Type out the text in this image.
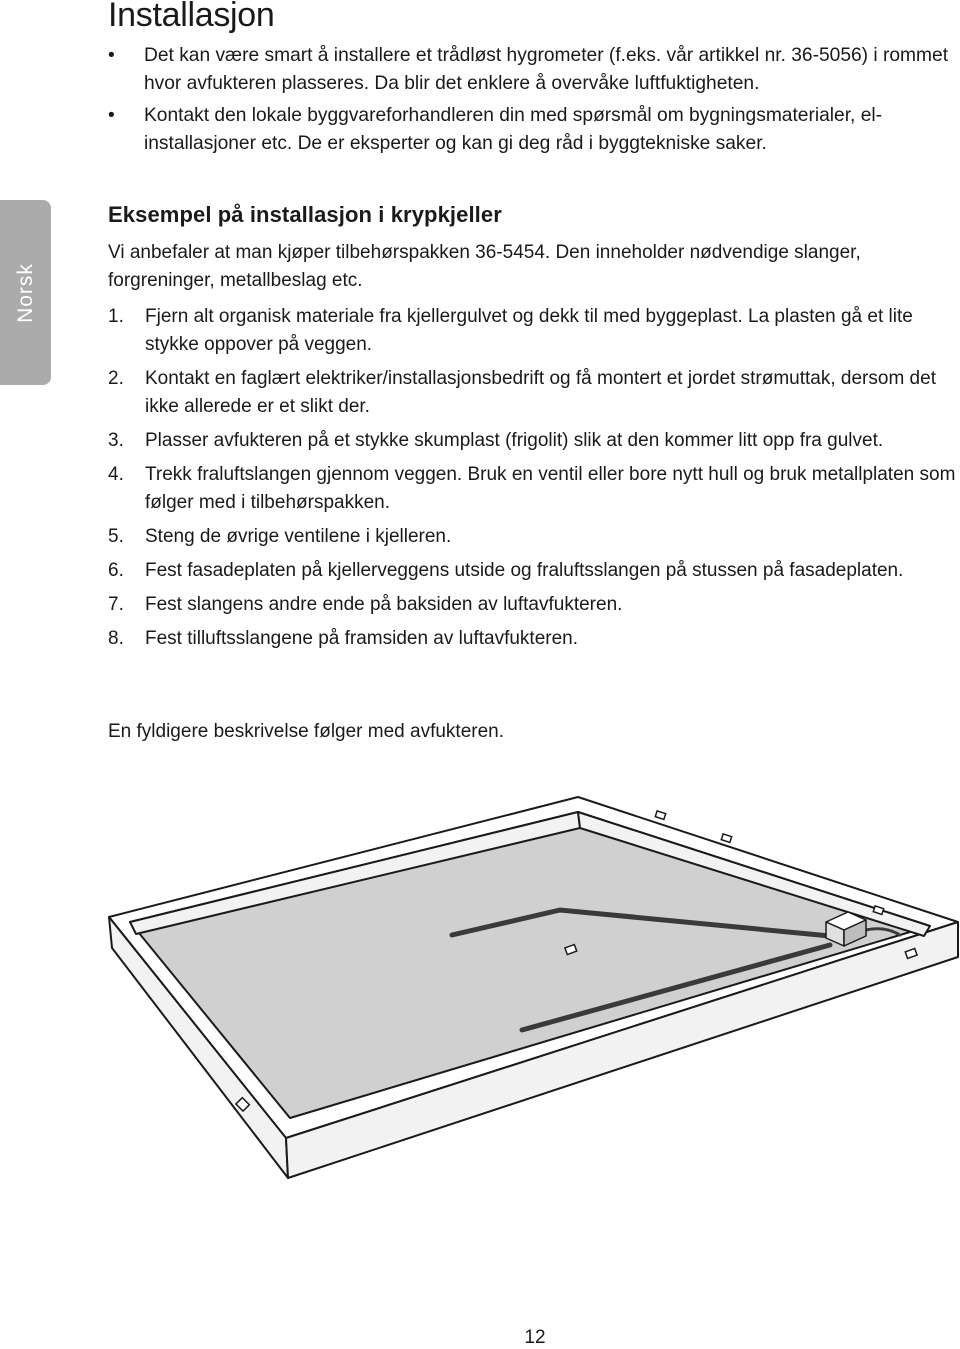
Installasjon
• Det kan være smart å installere et trådløst hygrometer (f.eks. vår artikkel nr. 36-5056) i rommet hvor avfukteren plasseres. Da blir det enklere å overvåke luftfuktigheten.
• Kontakt den lokale byggvareforhandleren din med spørsmål om bygningsmaterialer, el-installasjoner etc. De er eksperter og kan gi deg råd i byggtekniske saker.
Norsk
Eksempel på installasjon i krypkjeller

Vi anbefaler at man kjøper tilbehørspakken 36-5454. Den inneholder nødvendige slanger, forgreninger, metallbeslag etc.

1. Fjern alt organisk materiale fra kjellergulvet og dekk til med byggeplast. La plasten gå et lite stykke oppover på veggen.
2. Kontakt en faglært elektriker/installasjonsbedrift og få montert et jordet strømuttak, dersom det ikke allerede er et slikt der.
3. Plasser avfukteren på et stykke skumplast (frigolit) slik at den kommer litt opp fra gulvet.
4. Trekk fraluftslangen gjennom veggen. Bruk en ventil eller bore nytt hull og bruk metallplaten som følger med i tilbehørspakken.
5. Steng de øvrige ventilene i kjelleren.
6. Fest fasadeplaten på kjellerveggens utside og fraluftsslangen på stussen på fasadeplaten.
7. Fest slangens andre ende på baksiden av luftavfukteren.
8. Fest tilluftsslangene på framsiden av luftavfukteren.

En fyldigere beskrivelse følger med avfukteren.

12
